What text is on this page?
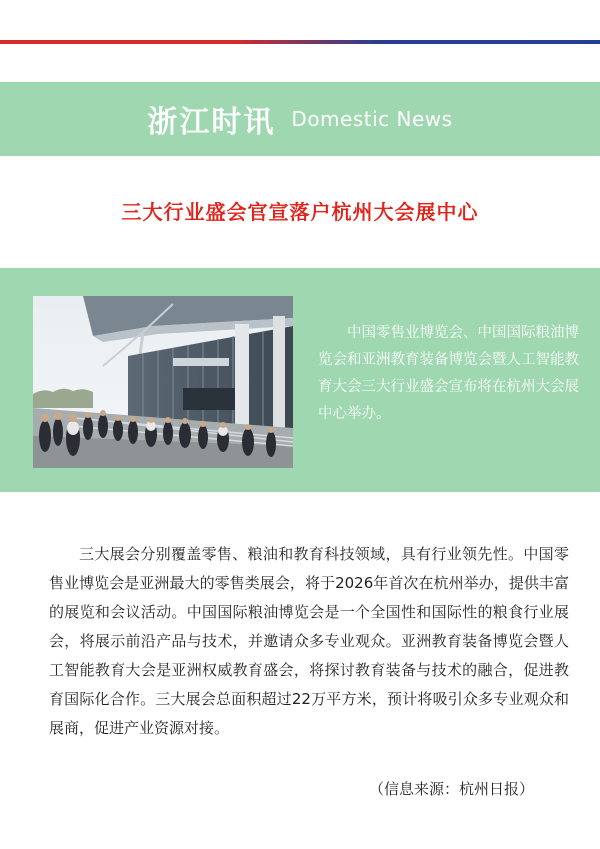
浙江时讯 Domestic News
三大行业盛会官宣落户杭州大会展中心
中国零售业博览会、中国国际粮油博览会和亚洲教育装备博览会暨人工智能教育大会三大行业盛会宣布将在杭州大会展中心举办。
三大展会分别覆盖零售、粮油和教育科技领域，具有行业领先性。中国零售业博览会是亚洲最大的零售类展会，将于2026年首次在杭州举办，提供丰富的展览和会议活动。中国国际粮油博览会是一个全国性和国际性的粮食行业展会，将展示前沿产品与技术，并邀请众多专业观众。亚洲教育装备博览会暨人工智能教育大会是亚洲权威教育盛会，将探讨教育装备与技术的融合，促进教育国际化合作。三大展会总面积超过22万平方米，预计将吸引众多专业观众和展商，促进产业资源对接。
（信息来源：杭州日报）
